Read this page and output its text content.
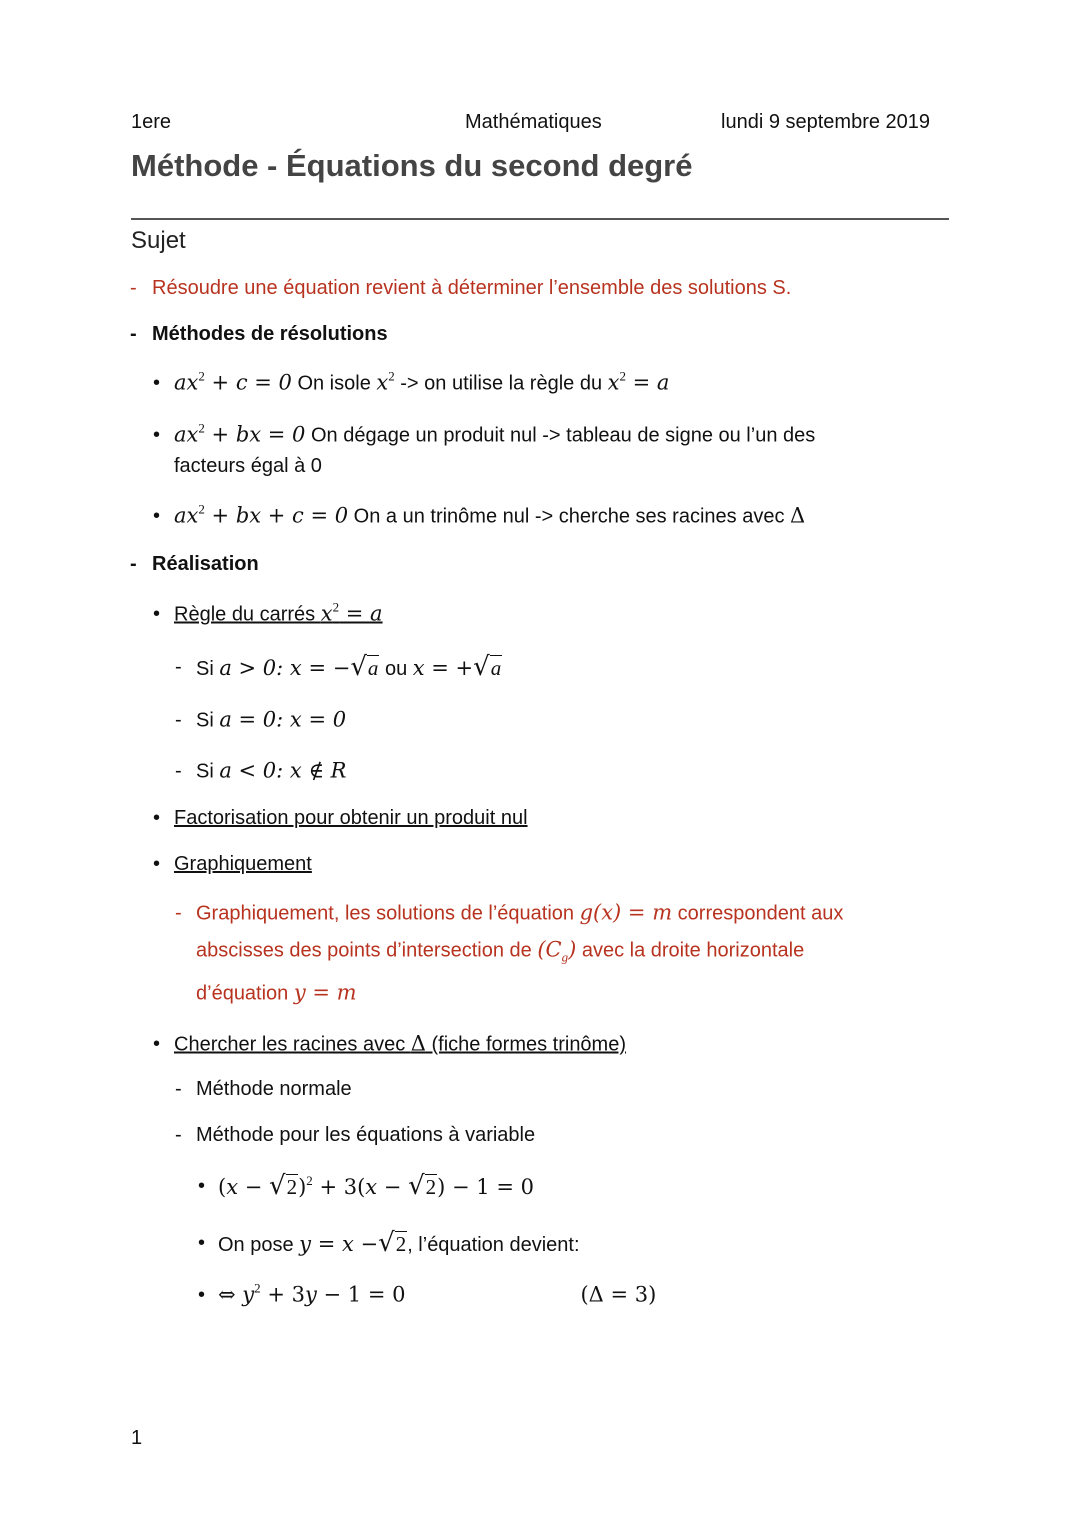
1ere	Mathématiques	lundi 9 septembre 2019
Méthode - Équations du second degré
Sujet
- Résoudre une équation revient à déterminer l’ensemble des solutions S.
- Méthodes de résolutions
• $ax^2 + c = 0$ On isole $x^2$ -> on utilise la règle du $x^2 = a$
• $ax^2$ + bx = 0 On dégage un produit nul -> tableau de signe ou l’un des
facteurs égal à 0
• $ax^2$ + bx + c = 0 On a un trinôme nul -> cherche ses racines avec Δ
- Réalisation
• Règle du carrés $x^2 = a$
- Si a > 0: x = −√a ou x = +√a
- Si a = 0: x = 0
- Si a < 0: x ∉ R
• Factorisation pour obtenir un produit nul
• Graphiquement
- Graphiquement, les solutions de l’équation g(x) = m correspondent aux
abscisses des points d’intersection de $(C_g)$ avec la droite horizontale
d’équation y = m
• Chercher les racines avec Δ (fiche formes trinôme)
- Méthode normale
- Méthode pour les équations à variable
• $(x - √2)^2 + 3(x - √2) - 1 = 0$
• On pose y = x −√2, l’équation devient:
• ⇔ $y^2 + 3y - 1 = 0$	(Δ = 3)
1
